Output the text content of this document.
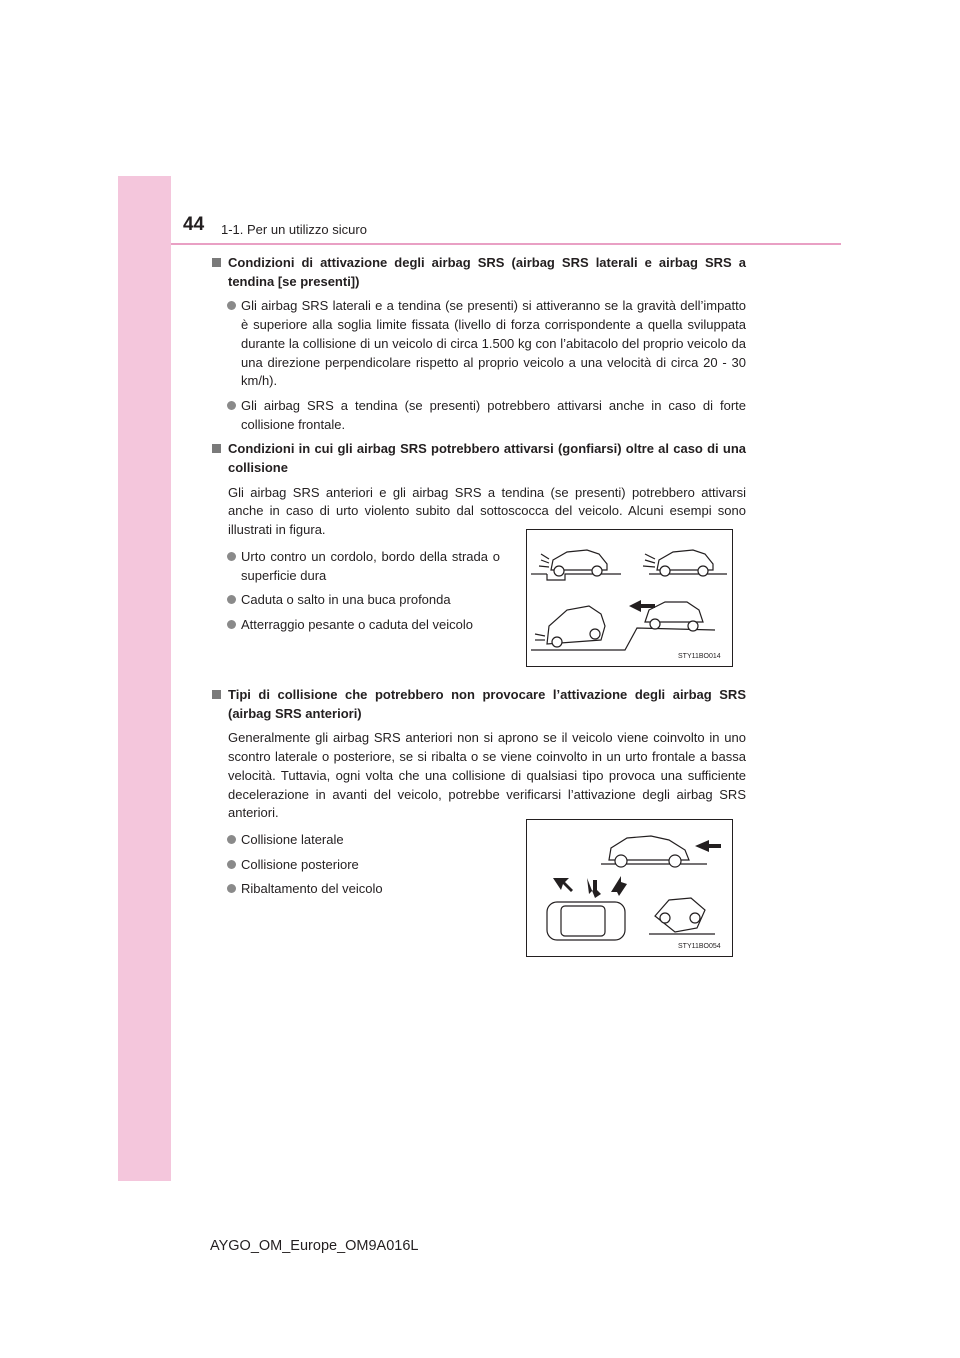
44 1-1. Per un utilizzo sicuro
Condizioni di attivazione degli airbag SRS (airbag SRS laterali e airbag SRS a tendina [se presenti])
Gli airbag SRS laterali e a tendina (se presenti) si attiveranno se la gravità dell’impatto è superiore alla soglia limite fissata (livello di forza corrispondente a quella sviluppata durante la collisione di un veicolo di circa 1.500 kg con l’abitacolo del proprio veicolo da una direzione perpendicolare rispetto al proprio veicolo a una velocità di circa 20 - 30 km/h).
Gli airbag SRS a tendina (se presenti) potrebbero attivarsi anche in caso di forte collisione frontale.
Condizioni in cui gli airbag SRS potrebbero attivarsi (gonfiarsi) oltre al caso di una collisione
Gli airbag SRS anteriori e gli airbag SRS a tendina (se presenti) potrebbero attivarsi anche in caso di urto violento subito dal sottoscocca del veicolo. Alcuni esempi sono illustrati in figura.
Urto contro un cordolo, bordo della strada o superficie dura
Caduta o salto in una buca profonda
Atterraggio pesante o caduta del veicolo
Tipi di collisione che potrebbero non provocare l’attivazione degli airbag SRS (airbag SRS anteriori)
Generalmente gli airbag SRS anteriori non si aprono se il veicolo viene coinvolto in uno scontro laterale o posteriore, se si ribalta o se viene coinvolto in un urto frontale a bassa velocità. Tuttavia, ogni volta che una collisione di qualsiasi tipo provoca una sufficiente decelerazione in avanti del veicolo, potrebbe verificarsi l’attivazione degli airbag SRS anteriori.
Collisione laterale
Collisione posteriore
Ribaltamento del veicolo
STY11BO014
STY11BO054
AYGO_OM_Europe_OM9A016L
